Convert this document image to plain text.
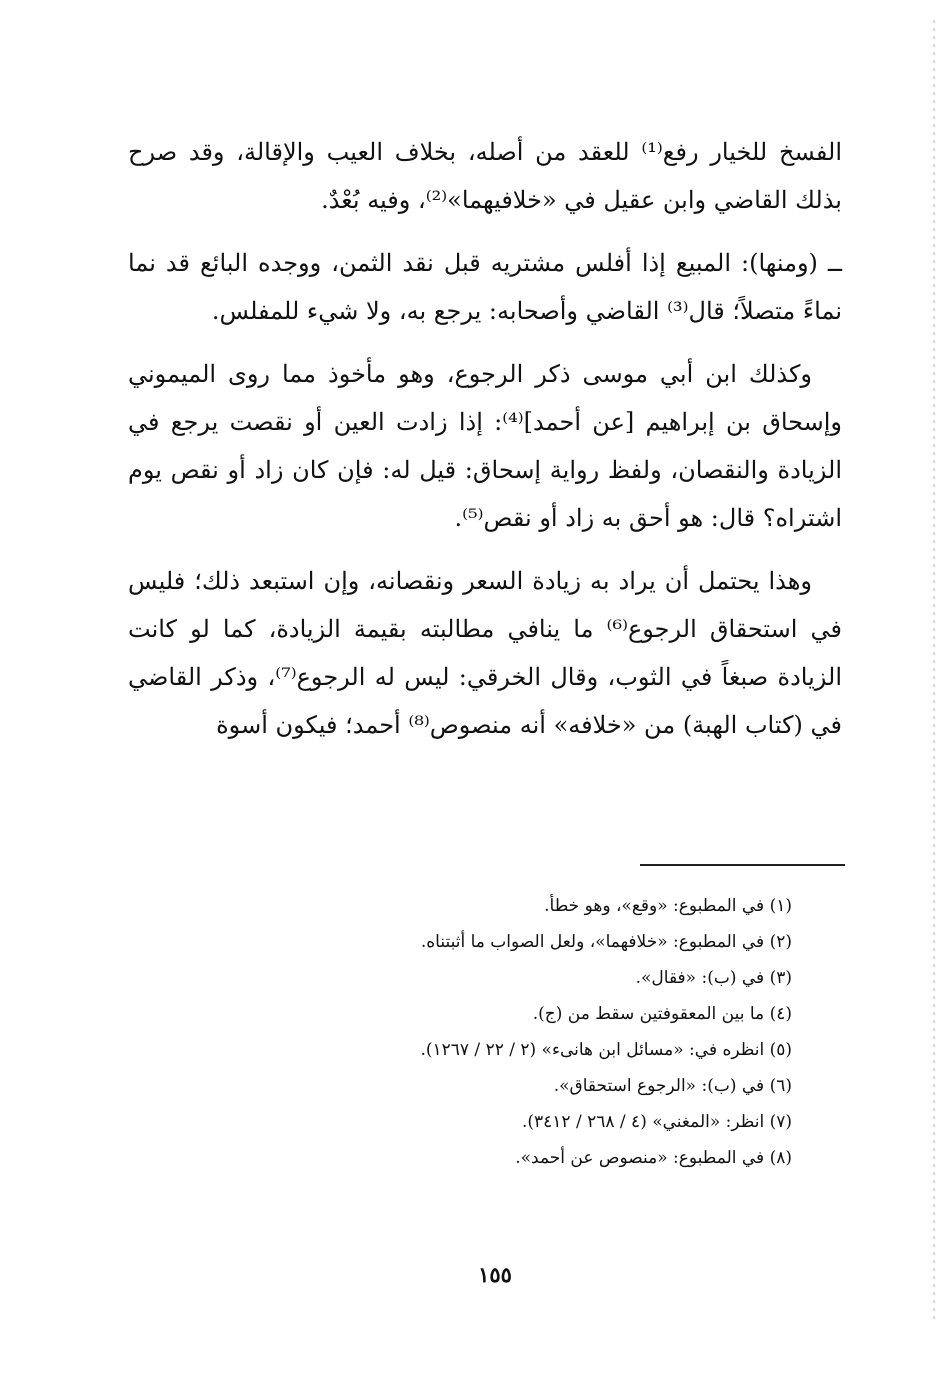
الفسخ للخيار رفع⁽¹⁾ للعقد من أصله، بخلاف العيب والإقالة، وقد صرح بذلك القاضي وابن عقيل في «خلافيهما»⁽²⁾، وفيه بُعْدٌ.

ــ (ومنها): المبيع إذا أفلس مشتريه قبل نقد الثمن، ووجده البائع قد نما نماءً متصلاً؛ قال⁽³⁾ القاضي وأصحابه: يرجع به، ولا شيء للمفلس.

وكذلك ابن أبي موسى ذكر الرجوع، وهو مأخوذ مما روى الميموني وإسحاق بن إبراهيم [عن أحمد]⁽⁴⁾: إذا زادت العين أو نقصت يرجع في الزيادة والنقصان، ولفظ رواية إسحاق: قيل له: فإن كان زاد أو نقص يوم اشتراه؟ قال: هو أحق به زاد أو نقص⁽⁵⁾.

وهذا يحتمل أن يراد به زيادة السعر ونقصانه، وإن استبعد ذلك؛ فليس في استحقاق الرجوع⁽⁶⁾ ما ينافي مطالبته بقيمة الزيادة، كما لو كانت الزيادة صبغاً في الثوب، وقال الخرقي: ليس له الرجوع⁽⁷⁾، وذكر القاضي في (كتاب الهبة) من «خلافه» أنه منصوص⁽⁸⁾ أحمد؛ فيكون أسوة

(١) في المطبوع: «وقع»، وهو خطأ.
(٢) في المطبوع: «خلافهما»، ولعل الصواب ما أثبتناه.
(٣) في (ب): «فقال».
(٤) ما بين المعقوفتين سقط من (ج).
(٥) انظره في: «مسائل ابن هانىء» (٢ / ٢٢ / ١٢٦٧).
(٦) في (ب): «الرجوع استحقاق».
(٧) انظر: «المغني» (٤ / ٢٦٨ / ٣٤١٢).
(٨) في المطبوع: «منصوص عن أحمد».
١٥٥
